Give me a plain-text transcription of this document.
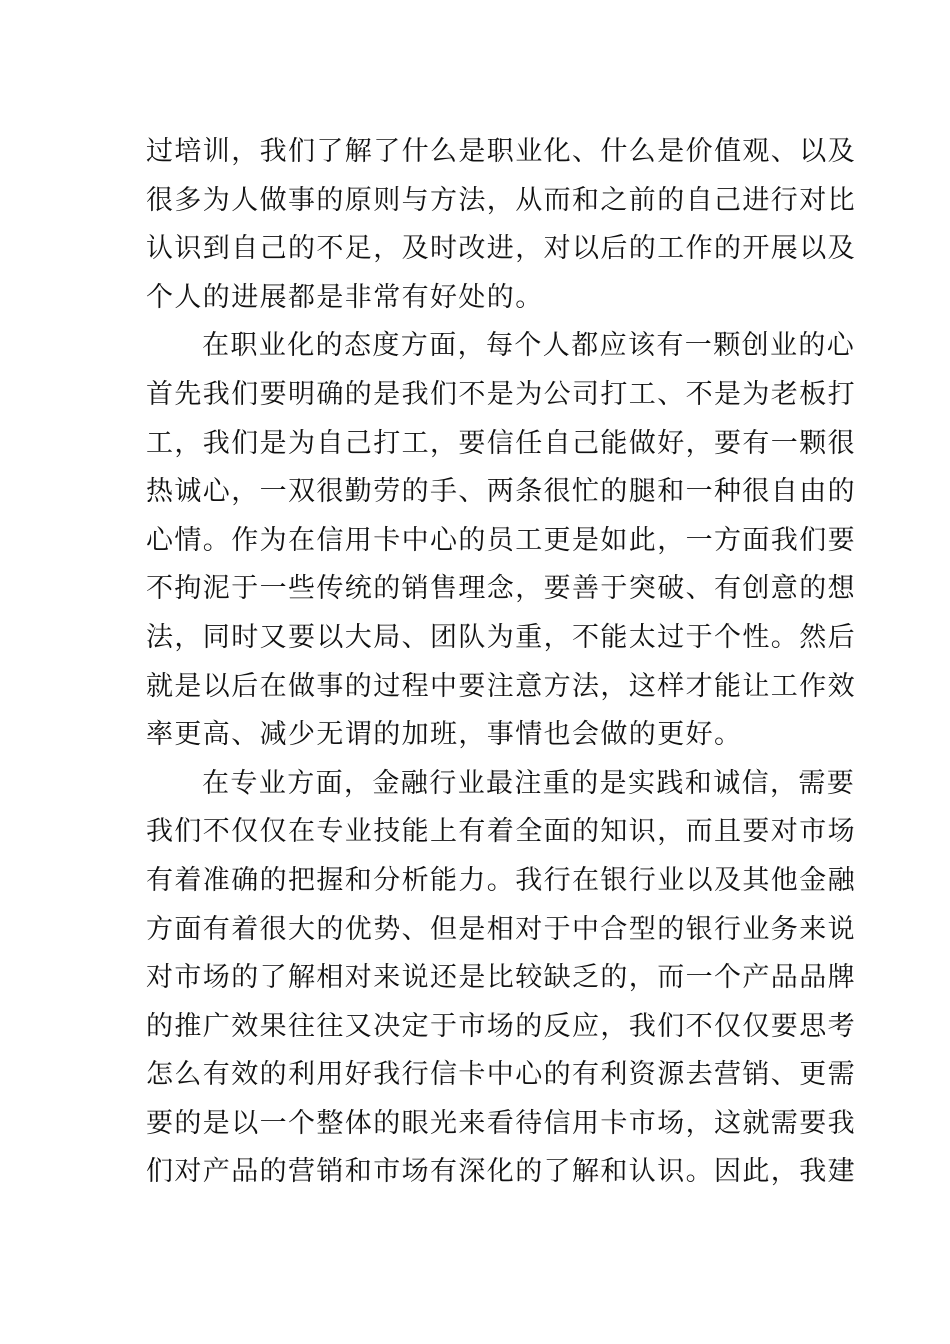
过培训，我们了解了什么是职业化、什么是价值观、以及
很多为人做事的原则与方法，从而和之前的自己进行对比
认识到自己的不足，及时改进，对以后的工作的开展以及
个人的进展都是非常有好处的。
在职业化的态度方面，每个人都应该有一颗创业的心
首先我们要明确的是我们不是为公司打工、不是为老板打
工，我们是为自己打工，要信任自己能做好，要有一颗很
热诚心，一双很勤劳的手、两条很忙的腿和一种很自由的
心情。作为在信用卡中心的员工更是如此，一方面我们要
不拘泥于一些传统的销售理念，要善于突破、有创意的想
法，同时又要以大局、团队为重，不能太过于个性。然后
就是以后在做事的过程中要注意方法，这样才能让工作效
率更高、减少无谓的加班，事情也会做的更好。
在专业方面，金融行业最注重的是实践和诚信，需要
我们不仅仅在专业技能上有着全面的知识，而且要对市场
有着准确的把握和分析能力。我行在银行业以及其他金融
方面有着很大的优势、但是相对于中合型的银行业务来说
对市场的了解相对来说还是比较缺乏的，而一个产品品牌
的推广效果往往又决定于市场的反应，我们不仅仅要思考
怎么有效的利用好我行信卡中心的有利资源去营销、更需
要的是以一个整体的眼光来看待信用卡市场，这就需要我
们对产品的营销和市场有深化的了解和认识。因此，我建
